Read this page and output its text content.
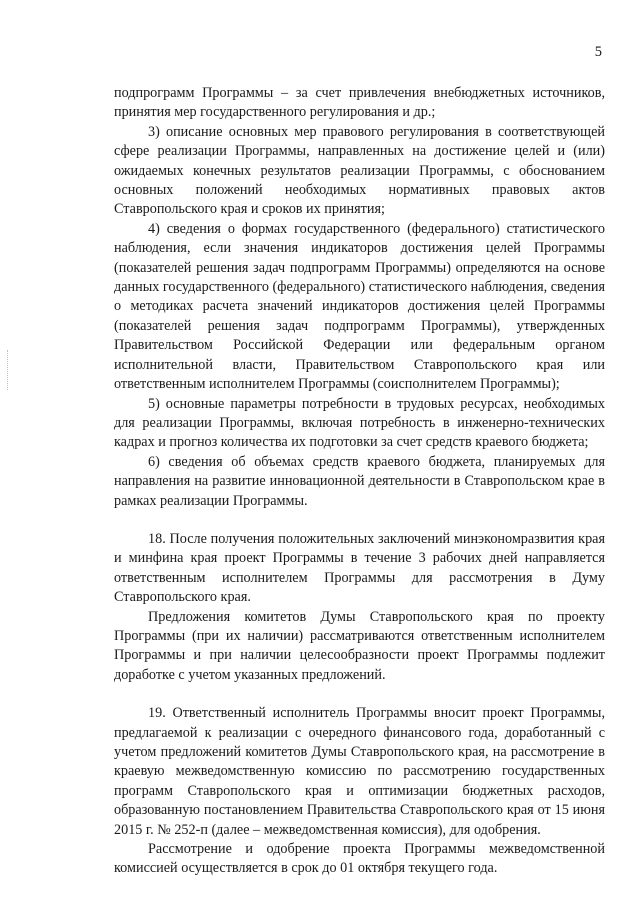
5

подпрограмм Программы – за счет привлечения внебюджетных источников, принятия мер государственного регулирования и др.;

3) описание основных мер правового регулирования в соответствующей сфере реализации Программы, направленных на достижение целей и (или) ожидаемых конечных результатов реализации Программы, с обоснованием основных положений необходимых нормативных правовых актов Ставропольского края и сроков их принятия;

4) сведения о формах государственного (федерального) статистического наблюдения, если значения индикаторов достижения целей Программы (показателей решения задач подпрограмм Программы) определяются на основе данных государственного (федерального) статистического наблюдения, сведения о методиках расчета значений индикаторов достижения целей Программы (показателей решения задач подпрограмм Программы), утвержденных Правительством Российской Федерации или федеральным органом исполнительной власти, Правительством Ставропольского края или ответственным исполнителем Программы (соисполнителем Программы);

5) основные параметры потребности в трудовых ресурсах, необходимых для реализации Программы, включая потребность в инженерно-технических кадрах и прогноз количества их подготовки за счет средств краевого бюджета;

6) сведения об объемах средств краевого бюджета, планируемых для направления на развитие инновационной деятельности в Ставропольском крае в рамках реализации Программы.

18. После получения положительных заключений минэкономразвития края и минфина края проект Программы в течение 3 рабочих дней направляется ответственным исполнителем Программы для рассмотрения в Думу Ставропольского края.

Предложения комитетов Думы Ставропольского края по проекту Программы (при их наличии) рассматриваются ответственным исполнителем Программы и при наличии целесообразности проект Программы подлежит доработке с учетом указанных предложений.

19. Ответственный исполнитель Программы вносит проект Программы, предлагаемой к реализации с очередного финансового года, доработанный с учетом предложений комитетов Думы Ставропольского края, на рассмотрение в краевую межведомственную комиссию по рассмотрению государственных программ Ставропольского края и оптимизации бюджетных расходов, образованную постановлением Правительства Ставропольского края от 15 июня 2015 г. № 252-п (далее – межведомственная комиссия), для одобрения.

Рассмотрение и одобрение проекта Программы межведомственной комиссией осуществляется в срок до 01 октября текущего года.
